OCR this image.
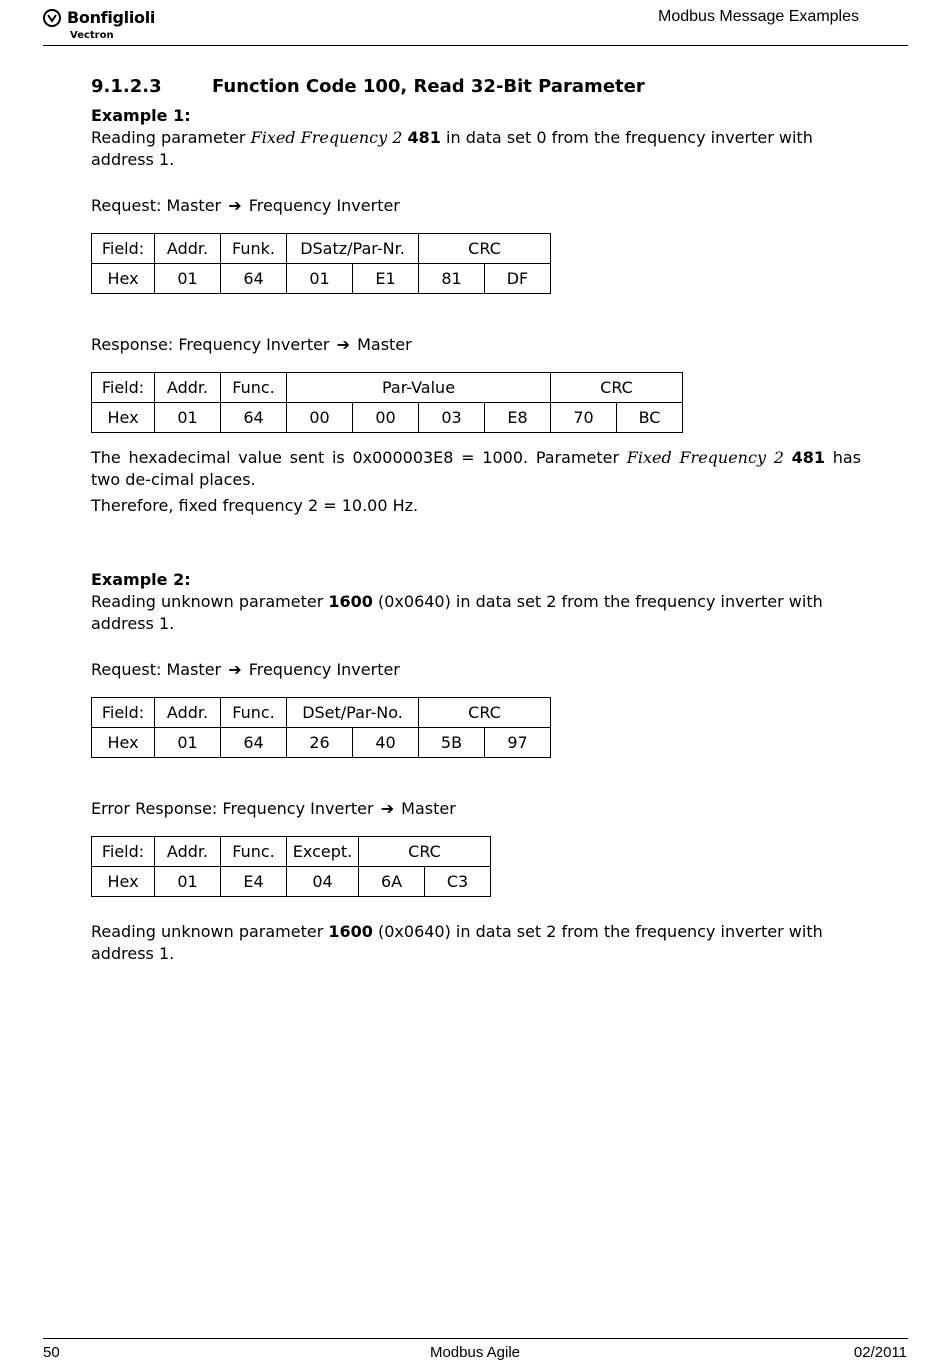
Bonfiglioli
Vectron
Modbus Message Examples
9.1.2.3	Function Code 100, Read 32-Bit Parameter

Example 1:

Reading parameter Fixed Frequency 2 481 in data set 0 from the frequency inverter with address 1.

Request: Master ➔ Frequency Inverter

Field:	Addr.	Funk.	DSatz/Par-Nr.		CRC	
Hex	01	64	01	E1	81	DF

Response: Frequency Inverter ➔ Master

Field:	Addr.	Func.	Par-Value				CRC	
Hex	01	64	00	00	03	E8	70	BC

The hexadecimal value sent is 0x000003E8 = 1000. Parameter Fixed Frequency 2 481 has two de-cimal places.

Therefore, fixed frequency 2 = 10.00 Hz.

Example 2:

Reading unknown parameter 1600 (0x0640) in data set 2 from the frequency inverter with address 1.

Request: Master ➔ Frequency Inverter

Field:	Addr.	Func.	DSet/Par-No.		CRC	
Hex	01	64	26	40	5B	97

Error Response: Frequency Inverter ➔ Master

Field:	Addr.	Func.	Except.	CRC	
Hex	01	E4	04	6A	C3

Reading unknown parameter 1600 (0x0640) in data set 2 from the frequency inverter with address 1.

50	Modbus Agile	02/2011
